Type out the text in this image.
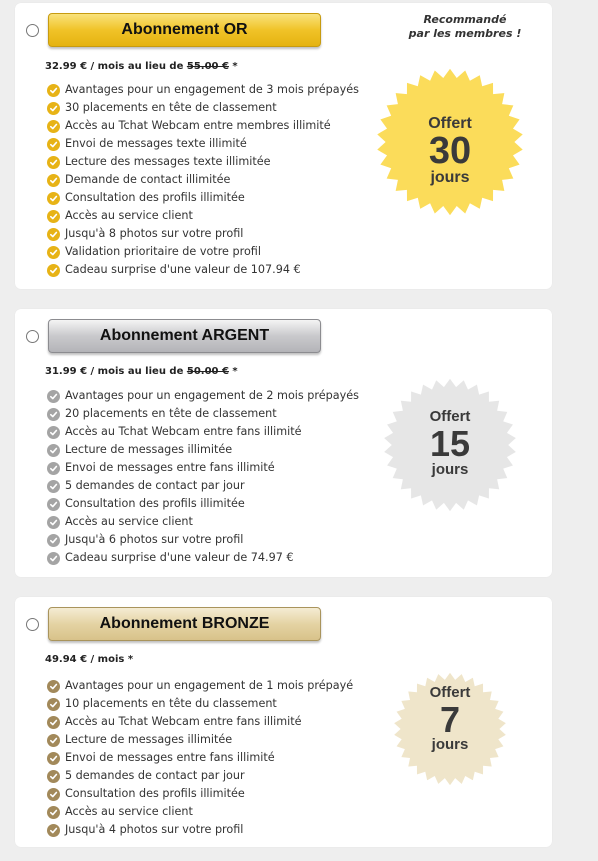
Abonnement OR
Recommandé
par les membres !
32.99 € / mois au lieu de 55.00 € *
Avantages pour un engagement de 3 mois prépayés
30 placements en tête de classement
Accès au Tchat Webcam entre membres illimité
Envoi de messages texte illimité
Lecture des messages texte illimitée
Demande de contact illimitée
Consultation des profils illimitée
Accès au service client
Jusqu'à 8 photos sur votre profil
Validation prioritaire de votre profil
Cadeau surprise d'une valeur de 107.94 €
Offert
30
jours
Abonnement ARGENT
31.99 € / mois au lieu de 50.00 € *
Avantages pour un engagement de 2 mois prépayés
20 placements en tête de classement
Accès au Tchat Webcam entre fans illimité
Lecture de messages illimitée
Envoi de messages entre fans illimité
5 demandes de contact par jour
Consultation des profils illimitée
Accès au service client
Jusqu'à 6 photos sur votre profil
Cadeau surprise d'une valeur de 74.97 €
Offert
15
jours
Abonnement BRONZE
49.94 € / mois *
Avantages pour un engagement de 1 mois prépayé
10 placements en tête du classement
Accès au Tchat Webcam entre fans illimité
Lecture de messages illimitée
Envoi de messages entre fans illimité
5 demandes de contact par jour
Consultation des profils illimitée
Accès au service client
Jusqu'à 4 photos sur votre profil
Offert
7
jours
